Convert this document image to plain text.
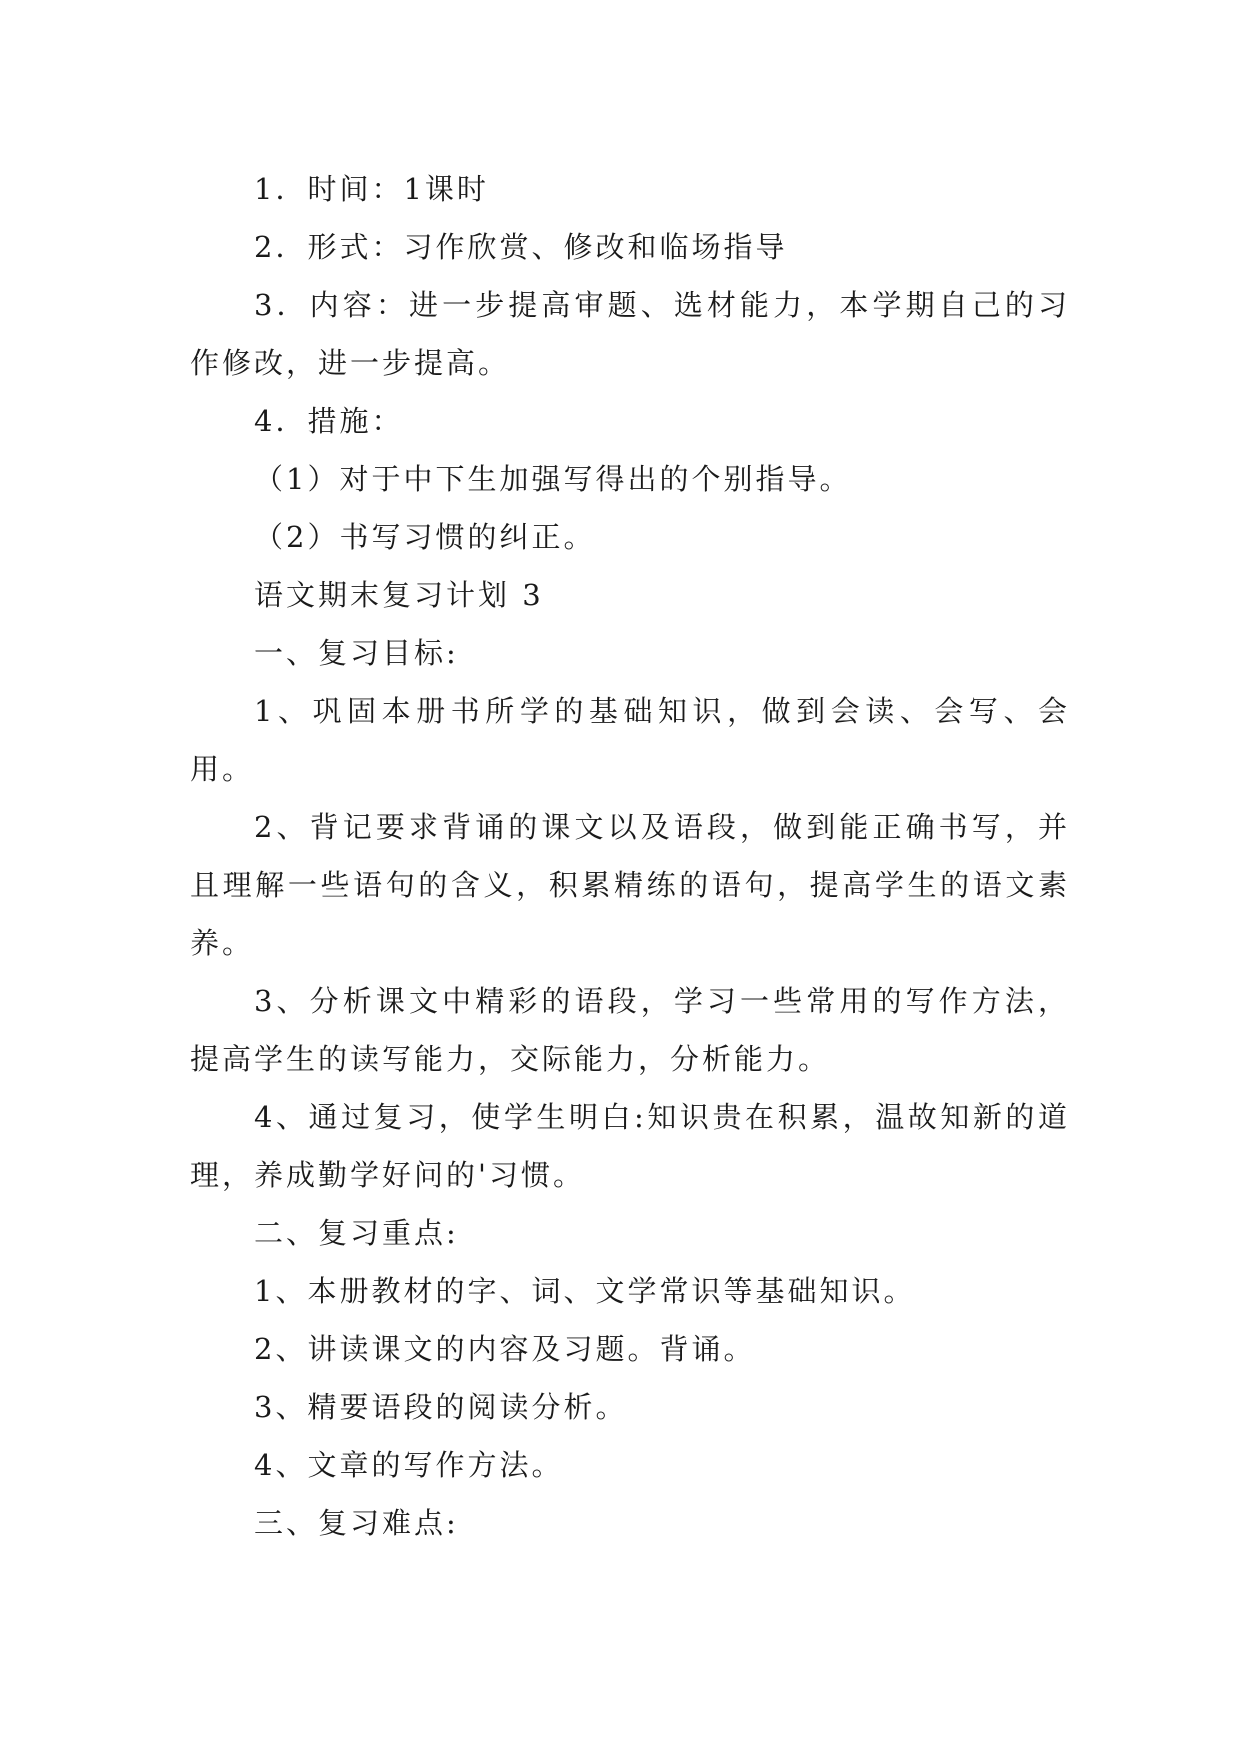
1．时间：1课时

2．形式：习作欣赏、修改和临场指导

3．内容：进一步提高审题、选材能力，本学期自己的习作修改，进一步提高。

4．措施：

（1）对于中下生加强写得出的个别指导。

（2）书写习惯的纠正。

语文期末复习计划 3

一、复习目标:

1、巩固本册书所学的基础知识，做到会读、会写、会用。

2、背记要求背诵的课文以及语段，做到能正确书写，并且理解一些语句的含义，积累精练的语句，提高学生的语文素养。

3、分析课文中精彩的语段，学习一些常用的写作方法，提高学生的读写能力，交际能力，分析能力。

4、通过复习，使学生明白:知识贵在积累，温故知新的道理，养成勤学好问的'习惯。

二、复习重点:

1、本册教材的字、词、文学常识等基础知识。

2、讲读课文的内容及习题。背诵。

3、精要语段的阅读分析。

4、文章的写作方法。

三、复习难点:
